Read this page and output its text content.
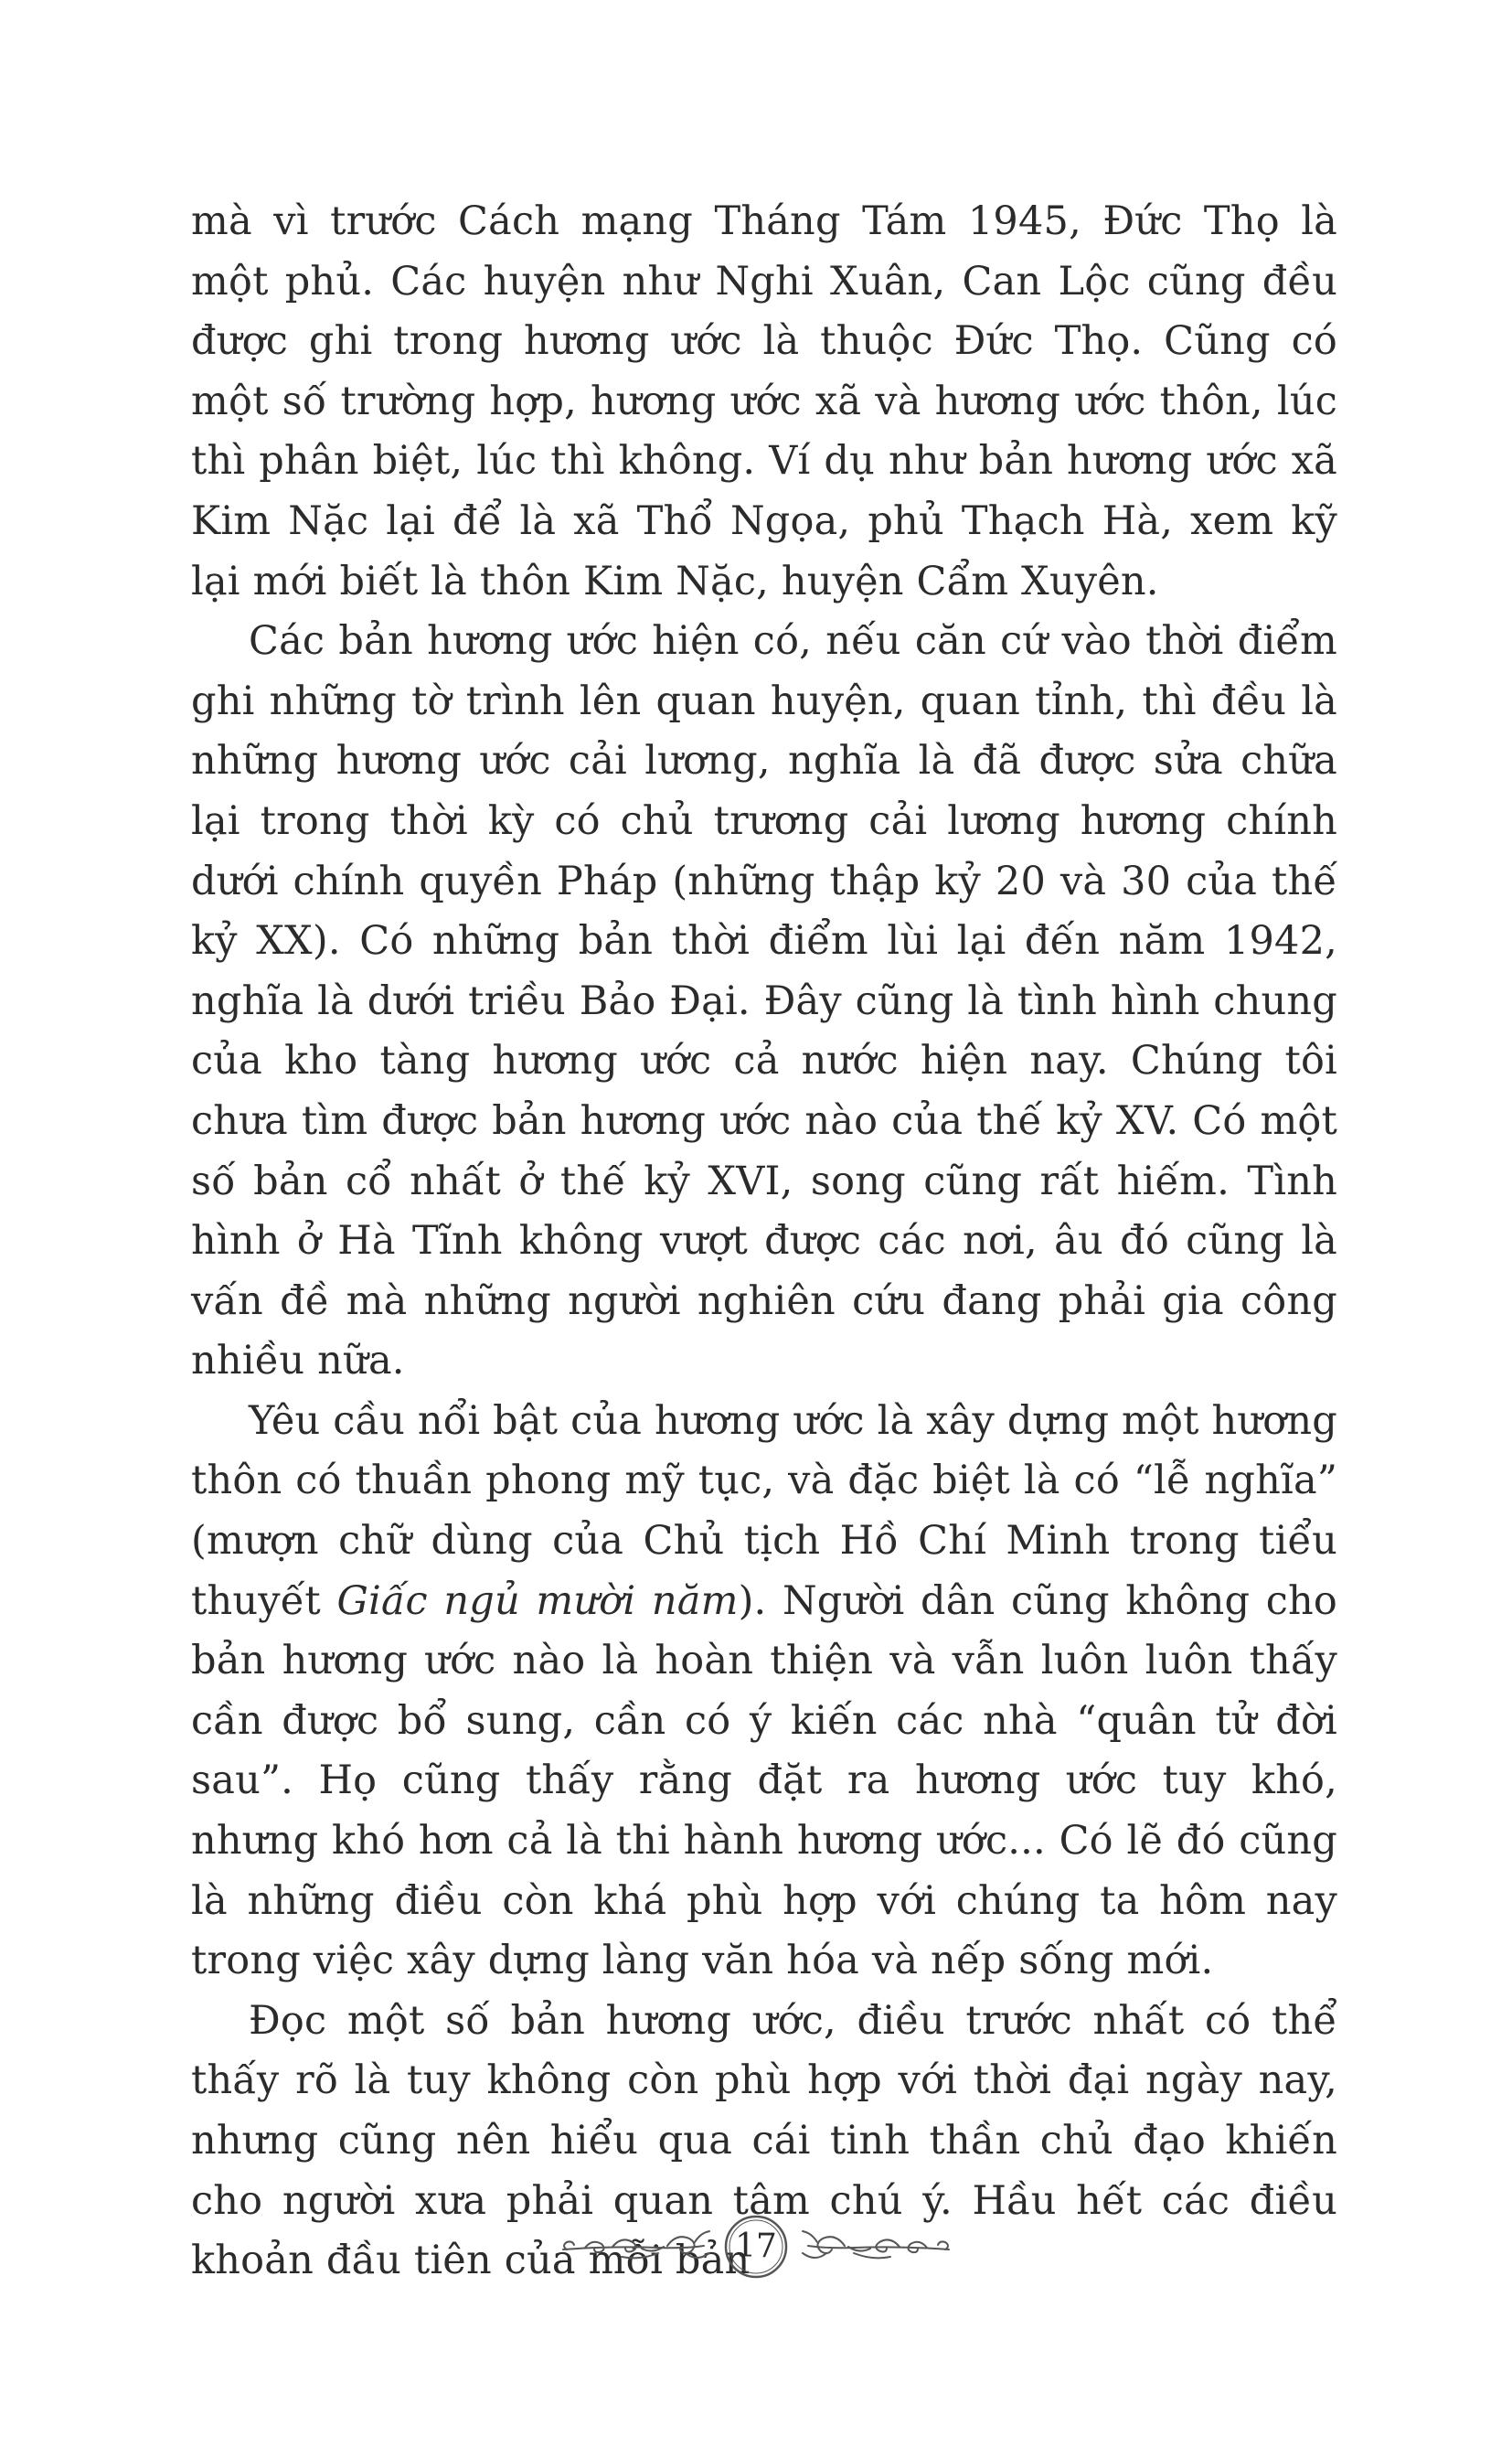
mà vì trước Cách mạng Tháng Tám 1945, Đức Thọ là một phủ. Các huyện như Nghi Xuân, Can Lộc cũng đều được ghi trong hương ước là thuộc Đức Thọ. Cũng có một số trường hợp, hương ước xã và hương ước thôn, lúc thì phân biệt, lúc thì không. Ví dụ như bản hương ước xã Kim Nặc lại để là xã Thổ Ngọa, phủ Thạch Hà, xem kỹ lại mới biết là thôn Kim Nặc, huyện Cẩm Xuyên.

Các bản hương ước hiện có, nếu căn cứ vào thời điểm ghi những tờ trình lên quan huyện, quan tỉnh, thì đều là những hương ước cải lương, nghĩa là đã được sửa chữa lại trong thời kỳ có chủ trương cải lương hương chính dưới chính quyền Pháp (những thập kỷ 20 và 30 của thế kỷ XX). Có những bản thời điểm lùi lại đến năm 1942, nghĩa là dưới triều Bảo Đại. Đây cũng là tình hình chung của kho tàng hương ước cả nước hiện nay. Chúng tôi chưa tìm được bản hương ước nào của thế kỷ XV. Có một số bản cổ nhất ở thế kỷ XVI, song cũng rất hiếm. Tình hình ở Hà Tĩnh không vượt được các nơi, âu đó cũng là vấn đề mà những người nghiên cứu đang phải gia công nhiều nữa.

Yêu cầu nổi bật của hương ước là xây dựng một hương thôn có thuần phong mỹ tục, và đặc biệt là có “lễ nghĩa” (mượn chữ dùng của Chủ tịch Hồ Chí Minh trong tiểu thuyết Giấc ngủ mười năm). Người dân cũng không cho bản hương ước nào là hoàn thiện và vẫn luôn luôn thấy cần được bổ sung, cần có ý kiến các nhà “quân tử đời sau”. Họ cũng thấy rằng đặt ra hương ước tuy khó, nhưng khó hơn cả là thi hành hương ước... Có lẽ đó cũng là những điều còn khá phù hợp với chúng ta hôm nay trong việc xây dựng làng văn hóa và nếp sống mới.

Đọc một số bản hương ước, điều trước nhất có thể thấy rõ là tuy không còn phù hợp với thời đại ngày nay, nhưng cũng nên hiểu qua cái tinh thần chủ đạo khiến cho người xưa phải quan tâm chú ý. Hầu hết các điều khoản đầu tiên của mỗi bản

17
